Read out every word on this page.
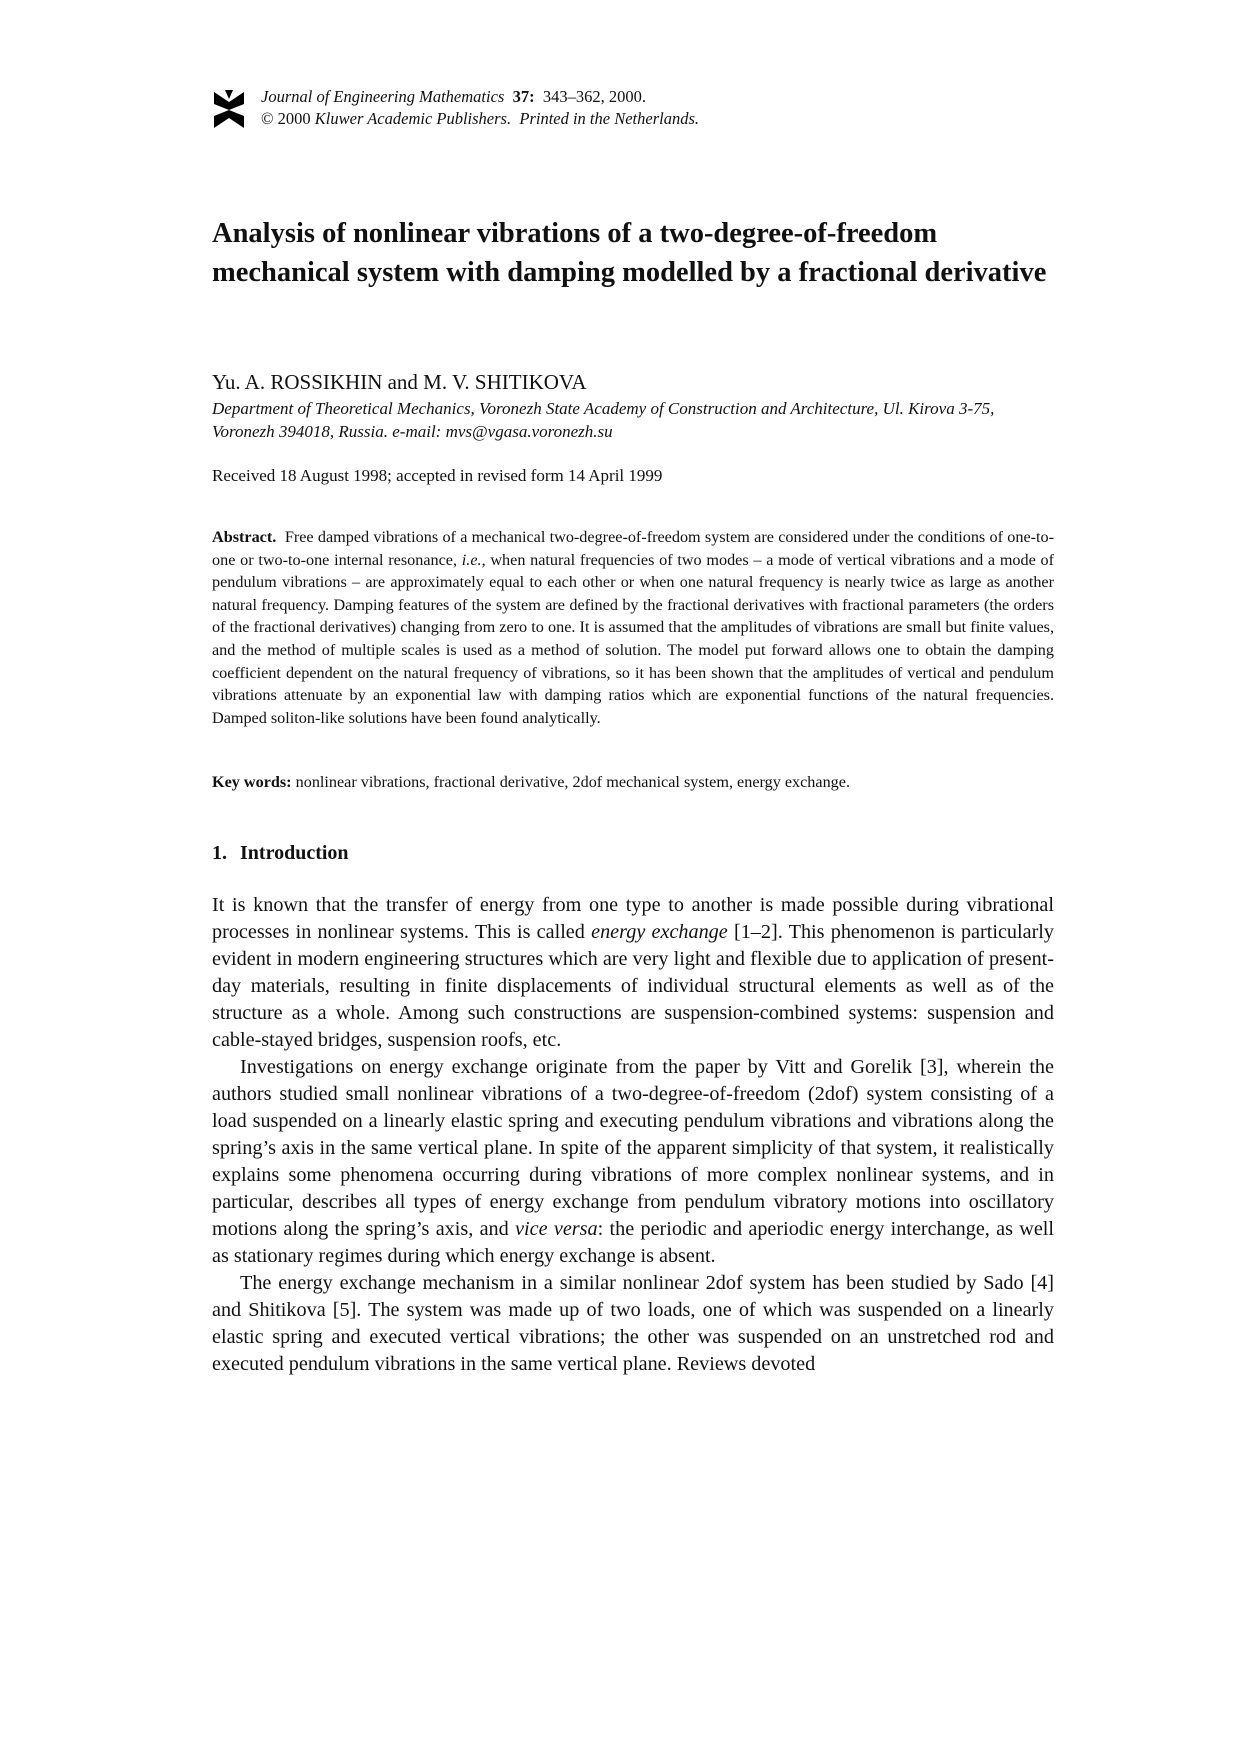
Journal of Engineering Mathematics 37: 343–362, 2000.
© 2000 Kluwer Academic Publishers. Printed in the Netherlands.
Analysis of nonlinear vibrations of a two-degree-of-freedom mechanical system with damping modelled by a fractional derivative
Yu. A. ROSSIKHIN and M. V. SHITIKOVA
Department of Theoretical Mechanics, Voronezh State Academy of Construction and Architecture, Ul. Kirova 3-75, Voronezh 394018, Russia. e-mail: mvs@vgasa.voronezh.su
Received 18 August 1998; accepted in revised form 14 April 1999

Abstract. Free damped vibrations of a mechanical two-degree-of-freedom system are considered under the conditions of one-to-one or two-to-one internal resonance, i.e., when natural frequencies of two modes – a mode of vertical vibrations and a mode of pendulum vibrations – are approximately equal to each other or when one natural frequency is nearly twice as large as another natural frequency. Damping features of the system are defined by the fractional derivatives with fractional parameters (the orders of the fractional derivatives) changing from zero to one. It is assumed that the amplitudes of vibrations are small but finite values, and the method of multiple scales is used as a method of solution. The model put forward allows one to obtain the damping coefficient dependent on the natural frequency of vibrations, so it has been shown that the amplitudes of vertical and pendulum vibrations attenuate by an exponential law with damping ratios which are exponential functions of the natural frequencies. Damped soliton-like solutions have been found analytically.

Key words: nonlinear vibrations, fractional derivative, 2dof mechanical system, energy exchange.
1. Introduction

It is known that the transfer of energy from one type to another is made possible during vibrational processes in nonlinear systems. This is called energy exchange [1–2]. This phenomenon is particularly evident in modern engineering structures which are very light and flexible due to application of present-day materials, resulting in finite displacements of individual structural elements as well as of the structure as a whole. Among such constructions are suspension-combined systems: suspension and cable-stayed bridges, suspension roofs, etc.

Investigations on energy exchange originate from the paper by Vitt and Gorelik [3], wherein the authors studied small nonlinear vibrations of a two-degree-of-freedom (2dof) system consisting of a load suspended on a linearly elastic spring and executing pendulum vibrations and vibrations along the spring’s axis in the same vertical plane. In spite of the apparent simplicity of that system, it realistically explains some phenomena occurring during vibrations of more complex nonlinear systems, and in particular, describes all types of energy exchange from pendulum vibratory motions into oscillatory motions along the spring’s axis, and vice versa: the periodic and aperiodic energy interchange, as well as stationary regimes during which energy exchange is absent.

The energy exchange mechanism in a similar nonlinear 2dof system has been studied by Sado [4] and Shitikova [5]. The system was made up of two loads, one of which was suspended on a linearly elastic spring and executed vertical vibrations; the other was suspended on an unstretched rod and executed pendulum vibrations in the same vertical plane. Reviews devoted
